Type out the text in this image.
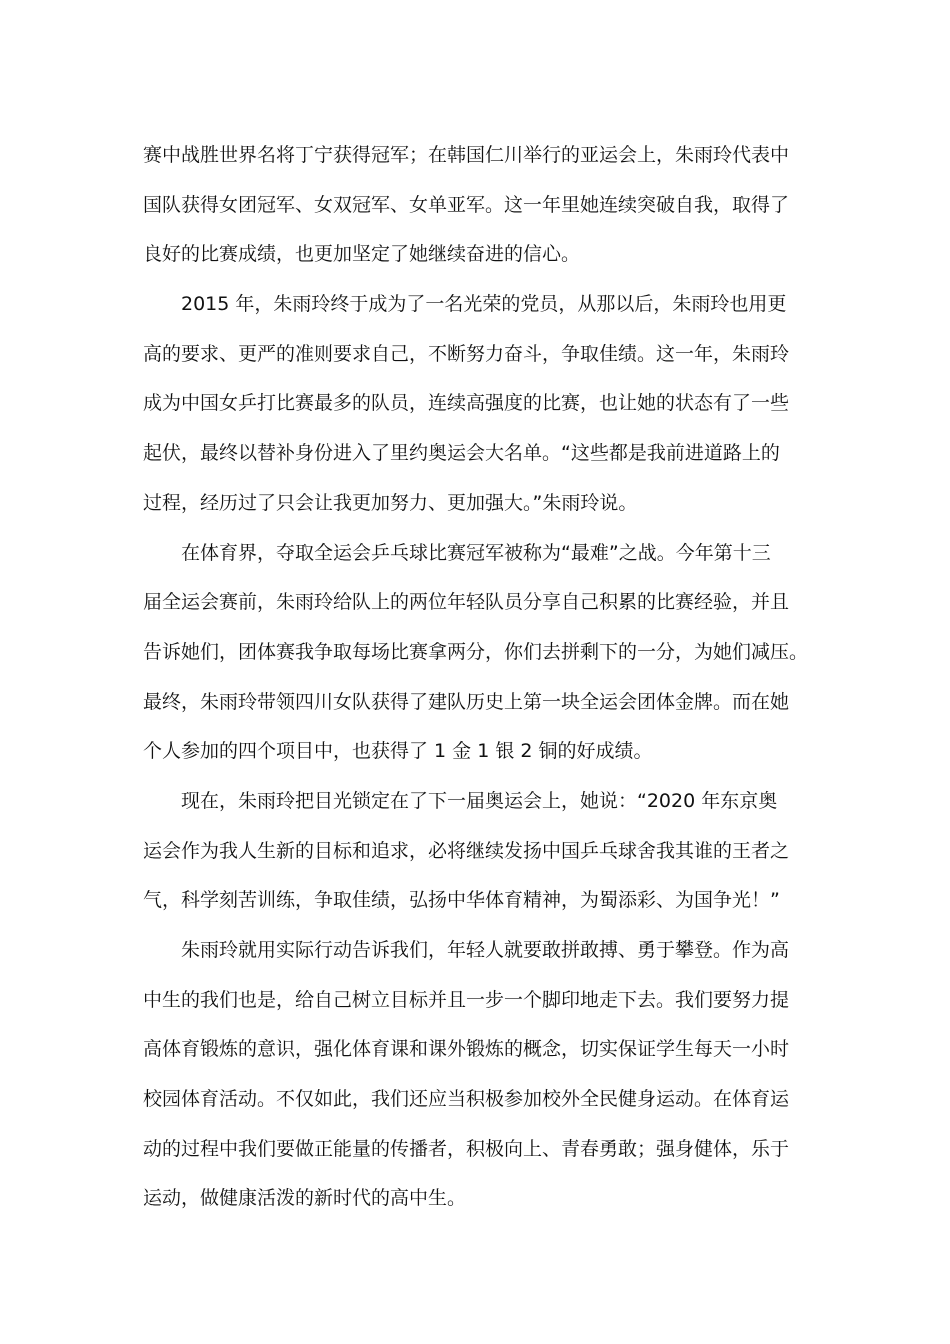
赛中战胜世界名将丁宁获得冠军；在韩国仁川举行的亚运会上，朱雨玲代表中
国队获得女团冠军、女双冠军、女单亚军。这一年里她连续突破自我，取得了
良好的比赛成绩，也更加坚定了她继续奋进的信心。
2015 年，朱雨玲终于成为了一名光荣的党员，从那以后，朱雨玲也用更
高的要求、更严的准则要求自己，不断努力奋斗，争取佳绩。这一年，朱雨玲
成为中国女乒打比赛最多的队员，连续高强度的比赛，也让她的状态有了一些
起伏，最终以替补身份进入了里约奥运会大名单。“这些都是我前进道路上的
过程，经历过了只会让我更加努力、更加强大。”朱雨玲说。
在体育界，夺取全运会乒乓球比赛冠军被称为“最难”之战。今年第十三
届全运会赛前，朱雨玲给队上的两位年轻队员分享自己积累的比赛经验，并且
告诉她们，团体赛我争取每场比赛拿两分，你们去拼剩下的一分，为她们减压。
最终，朱雨玲带领四川女队获得了建队历史上第一块全运会团体金牌。而在她
个人参加的四个项目中，也获得了 1 金 1 银 2 铜的好成绩。
现在，朱雨玲把目光锁定在了下一届奥运会上，她说：“2020 年东京奥
运会作为我人生新的目标和追求，必将继续发扬中国乒乓球舍我其谁的王者之
气，科学刻苦训练，争取佳绩，弘扬中华体育精神，为蜀添彩、为国争光！”
朱雨玲就用实际行动告诉我们，年轻人就要敢拼敢搏、勇于攀登。作为高
中生的我们也是，给自己树立目标并且一步一个脚印地走下去。我们要努力提
高体育锻炼的意识，强化体育课和课外锻炼的概念，切实保证学生每天一小时
校园体育活动。不仅如此，我们还应当积极参加校外全民健身运动。在体育运
动的过程中我们要做正能量的传播者，积极向上、青春勇敢；强身健体，乐于
运动，做健康活泼的新时代的高中生。
